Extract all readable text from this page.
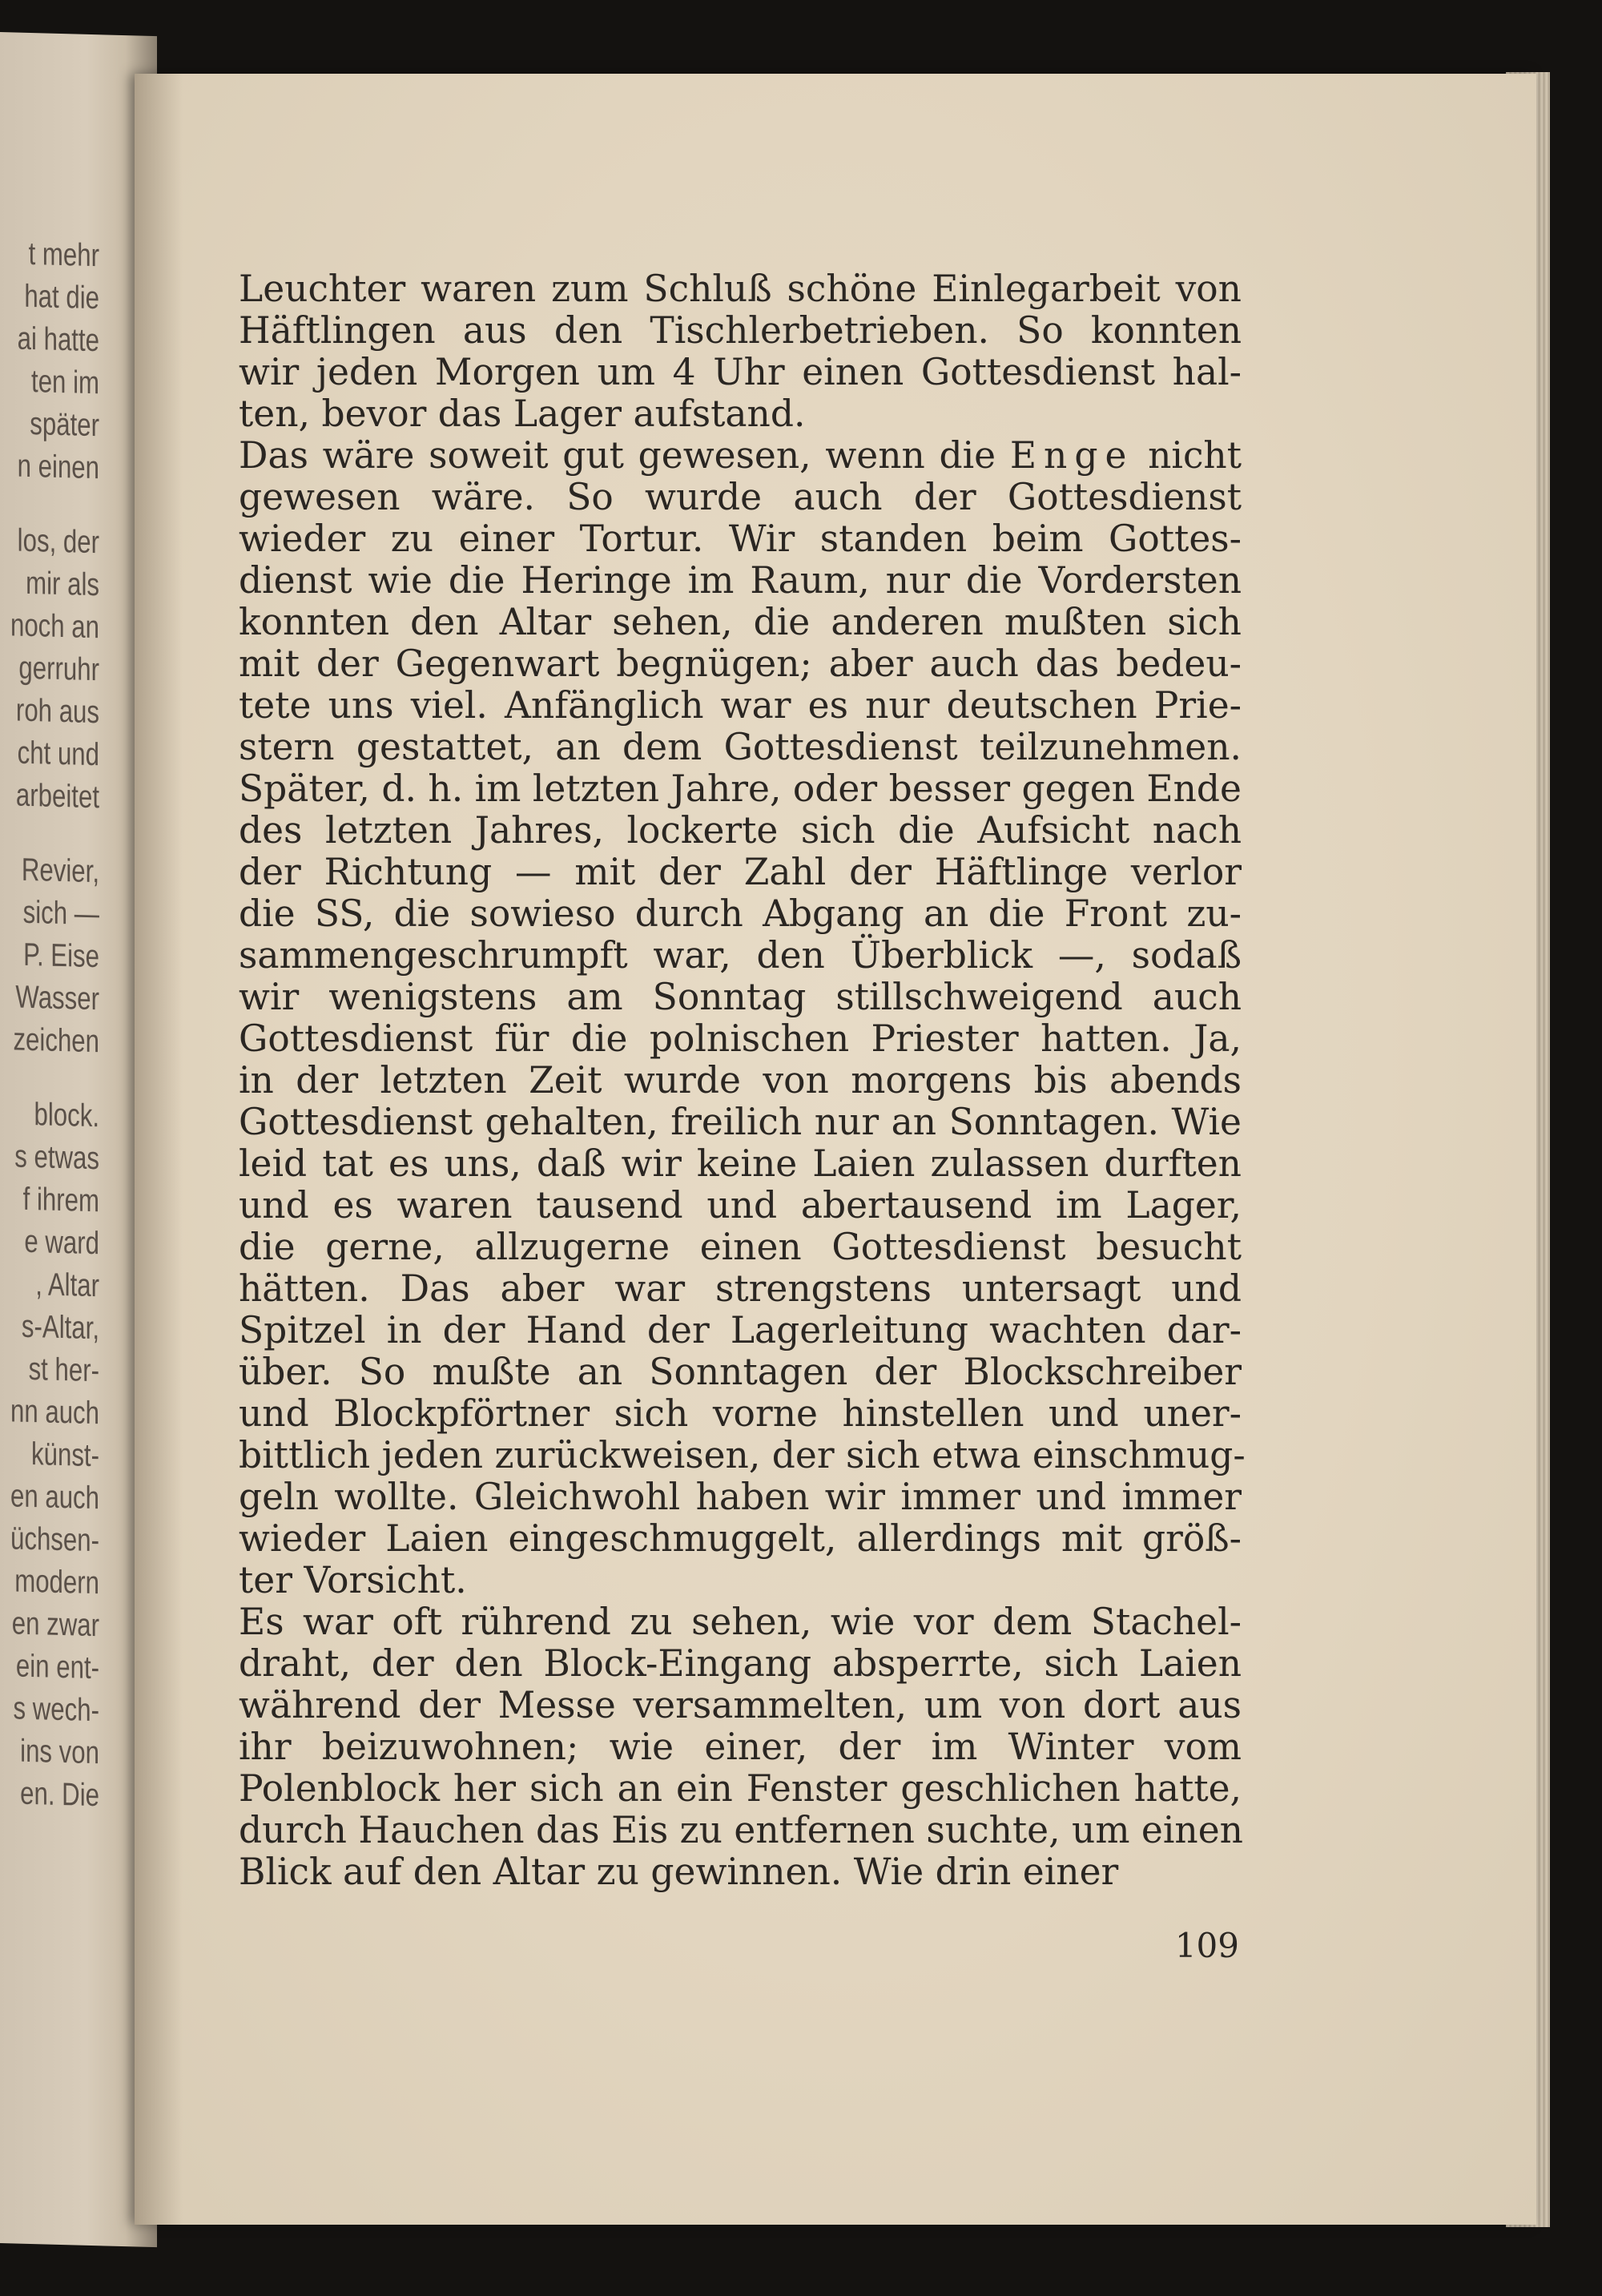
t mehr
hat die
ai hatte
ten im
später
n einen
los, der
mir als
noch an
gerruhr
roh aus
cht und
arbeitet
Revier,
sich —
P. Eise
Wasser
zeichen
block.
s etwas
f ihrem
e ward
, Altar
s-Altar,
st her-
nn auch
künst-
en auch
üchsen-
modern
en zwar
ein ent-
s wech-
ins von
en. Die
Leuchter waren zum Schluß schöne Einlegarbeit von
Häftlingen aus den Tischlerbetrieben. So konnten
wir jeden Morgen um 4 Uhr einen Gottesdienst hal-
ten, bevor das Lager aufstand.
Das wäre soweit gut gewesen, wenn die Enge nicht
gewesen wäre. So wurde auch der Gottesdienst
wieder zu einer Tortur. Wir standen beim Gottes-
dienst wie die Heringe im Raum, nur die Vordersten
konnten den Altar sehen, die anderen mußten sich
mit der Gegenwart begnügen; aber auch das bedeu-
tete uns viel. Anfänglich war es nur deutschen Prie-
stern gestattet, an dem Gottesdienst teilzunehmen.
Später, d. h. im letzten Jahre, oder besser gegen Ende
des letzten Jahres, lockerte sich die Aufsicht nach
der Richtung — mit der Zahl der Häftlinge verlor
die SS, die sowieso durch Abgang an die Front zu-
sammengeschrumpft war, den Überblick —, sodaß
wir wenigstens am Sonntag stillschweigend auch
Gottesdienst für die polnischen Priester hatten. Ja,
in der letzten Zeit wurde von morgens bis abends
Gottesdienst gehalten, freilich nur an Sonntagen. Wie
leid tat es uns, daß wir keine Laien zulassen durften
und es waren tausend und abertausend im Lager,
die gerne, allzugerne einen Gottesdienst besucht
hätten. Das aber war strengstens untersagt und
Spitzel in der Hand der Lagerleitung wachten dar-
über. So mußte an Sonntagen der Blockschreiber
und Blockpförtner sich vorne hinstellen und uner-
bittlich jeden zurückweisen, der sich etwa einschmug-
geln wollte. Gleichwohl haben wir immer und immer
wieder Laien eingeschmuggelt, allerdings mit größ-
ter Vorsicht.
Es war oft rührend zu sehen, wie vor dem Stachel-
draht, der den Block-Eingang absperrte, sich Laien
während der Messe versammelten, um von dort aus
ihr beizuwohnen; wie einer, der im Winter vom
Polenblock her sich an ein Fenster geschlichen hatte,
durch Hauchen das Eis zu entfernen suchte, um einen
Blick auf den Altar zu gewinnen. Wie drin einer
109
